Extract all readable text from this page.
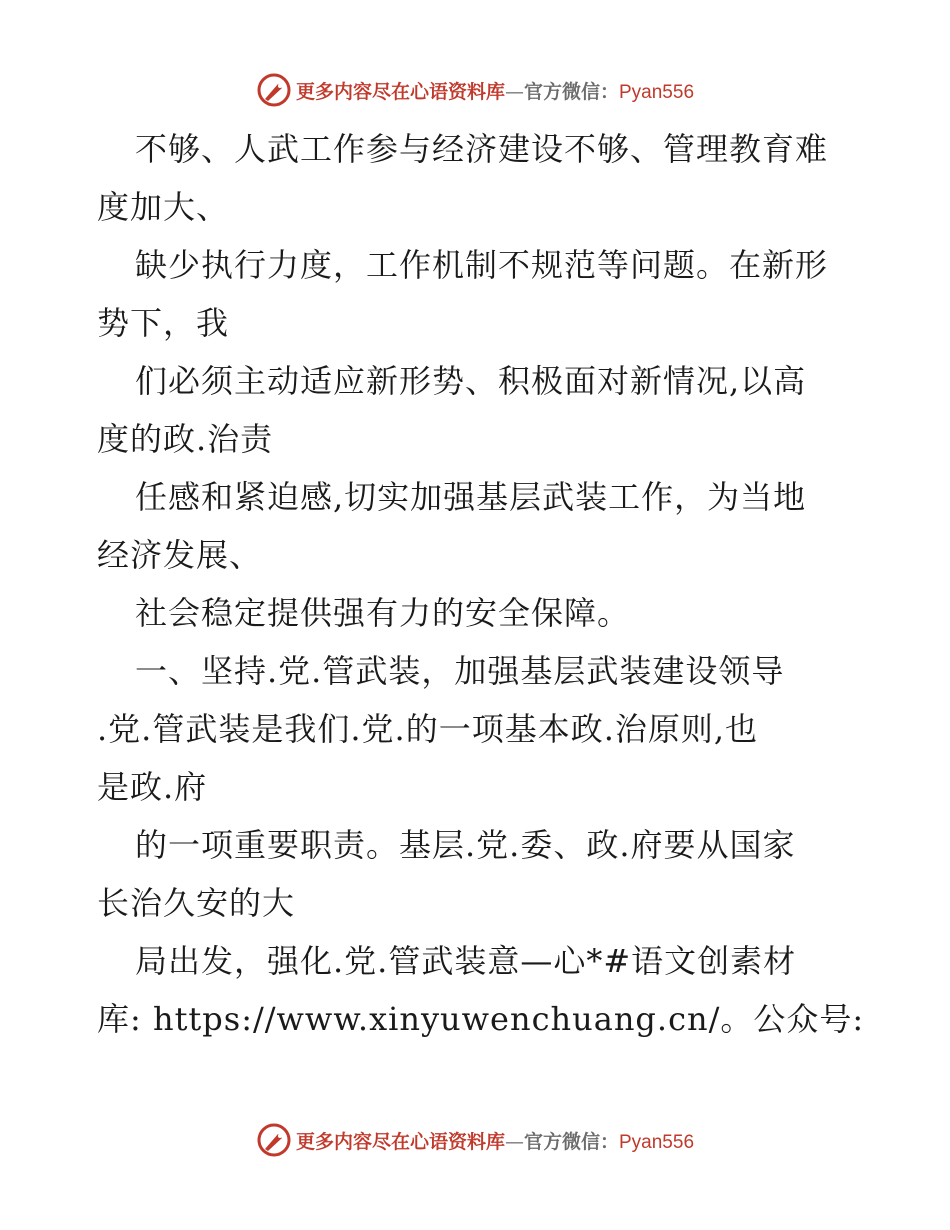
更多内容尽在心语资料库—官方微信：Pyan556
不够、人武工作参与经济建设不够、管理教育难
度加大、
缺少执行力度，工作机制不规范等问题。在新形
势下，我
们必须主动适应新形势、积极面对新情况,以高
度的政.治责
任感和紧迫感,切实加强基层武装工作，为当地
经济发展、
社会稳定提供强有力的安全保障。
一、坚持.党.管武装，加强基层武装建设领导
.党.管武装是我们.党.的一项基本政.治原则,也
是政.府
的一项重要职责。基层.党.委、政.府要从国家
长治久安的大
局出发，强化.党.管武装意—心*#语文创素材
库: https://www.xinyuwenchuang.cn/。公众号:
更多内容尽在心语资料库—官方微信：Pyan556
